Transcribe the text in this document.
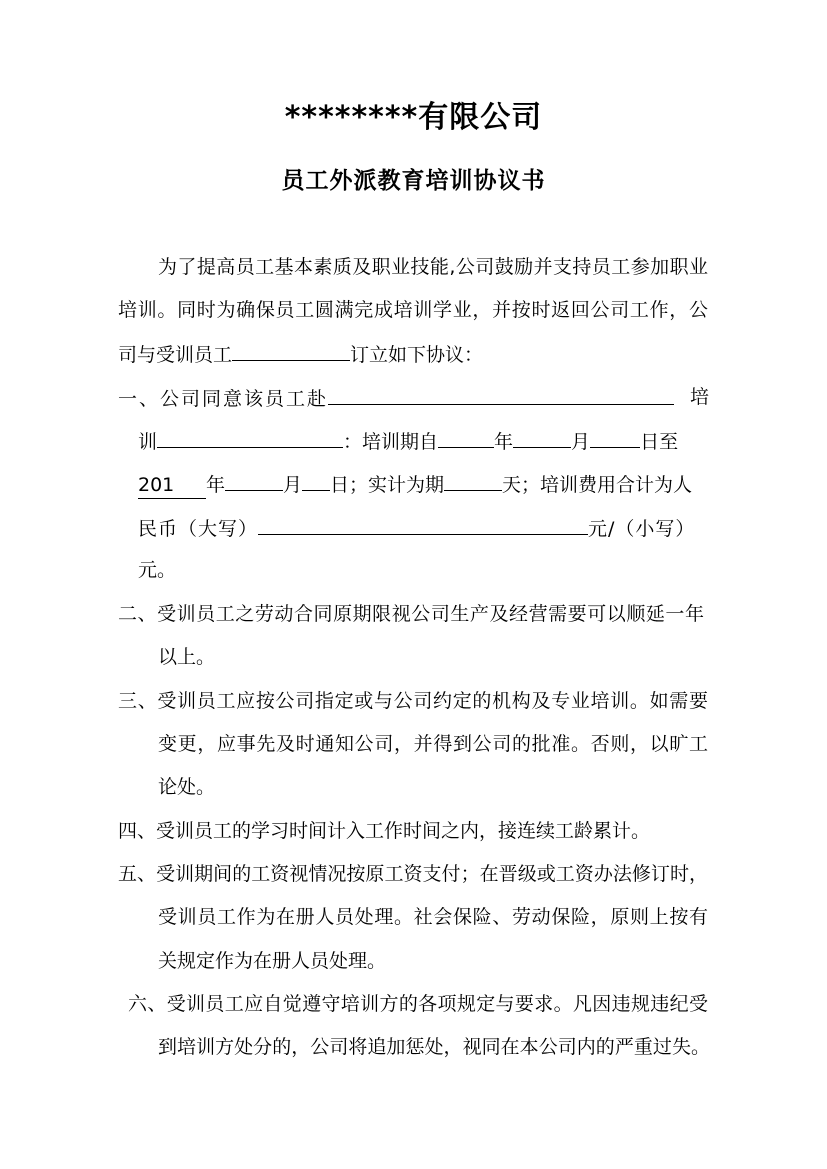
********有限公司
员工外派教育培训协议书
为了提高员工基本素质及职业技能,公司鼓励并支持员工参加职业
培训。同时为确保员工圆满完成培训学业，并按时返回公司工作，公
司与受训员工	订立如下协议：
一、公司同意该员工赴	培
训	：培训期自	年	月	日至
201 年	月 日；实计为期	天；培训费用合计为人
民币（大写）	元/（小写）
元。
二、受训员工之劳动合同原期限视公司生产及经营需要可以顺延一年
以上。
三、受训员工应按公司指定或与公司约定的机构及专业培训。如需要
变更，应事先及时通知公司，并得到公司的批准。否则，以旷工
论处。
四、受训员工的学习时间计入工作时间之内，接连续工龄累计。
五、受训期间的工资视情况按原工资支付；在晋级或工资办法修订时，
受训员工作为在册人员处理。社会保险、劳动保险，原则上按有
关规定作为在册人员处理。
六、受训员工应自觉遵守培训方的各项规定与要求。凡因违规违纪受
到培训方处分的，公司将追加惩处，视同在本公司内的严重过失。
